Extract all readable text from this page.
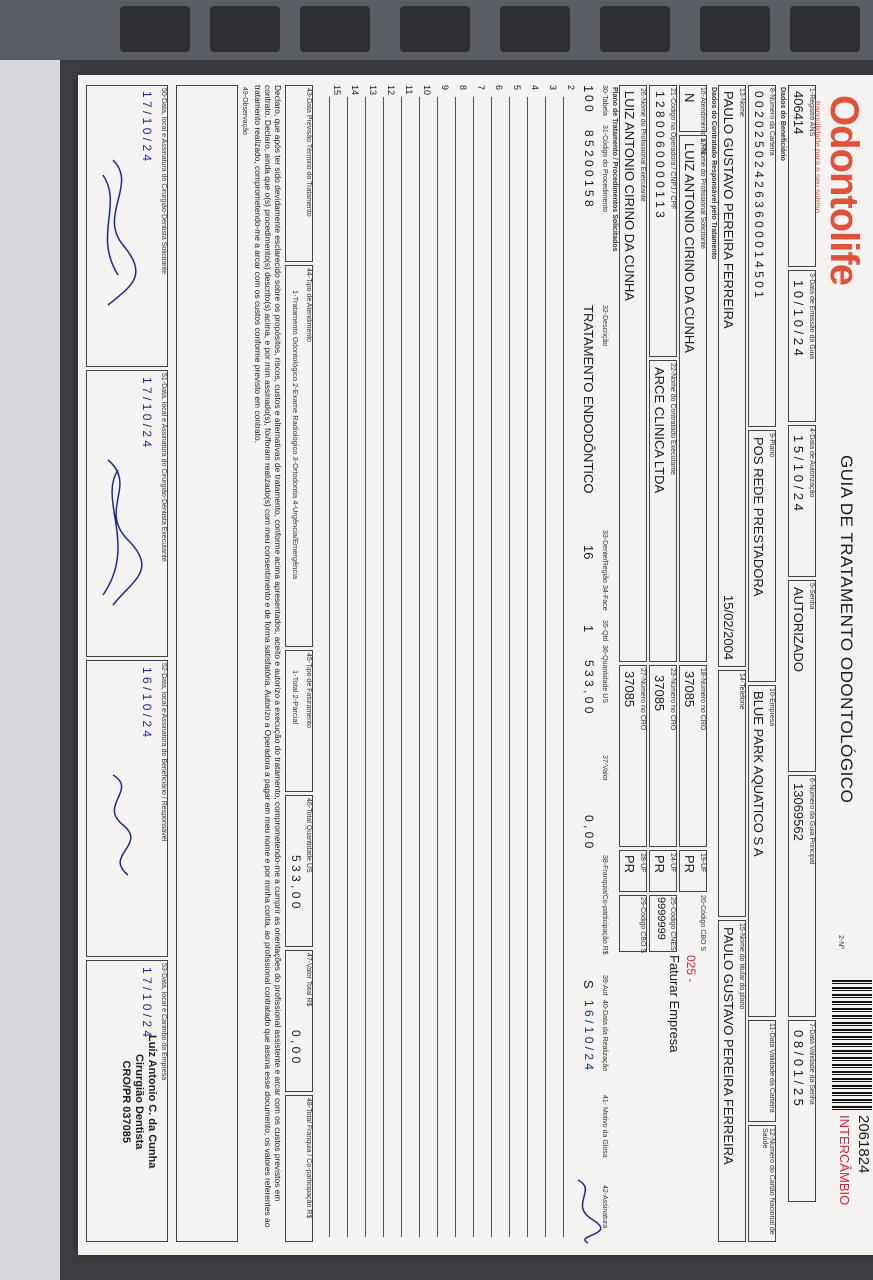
Odontolife
tranquilidade para o seu sorriso
GUIA DE TRATAMENTO ODONTOLÓGICO
2-Nº
2061824
INTERCÂMBIO
1-Registro ANS
406414
3-Data de Emissão da Guia
1 0 / 1 0 / 2 4
4-Data de Autorização
1 5 / 1 0 / 2 4
5-Senha
AUTORIZADO
6-Número da Guia Principal
13069562
7-Data Validade da Senha
0 8 / 0 1 / 2 5
Dados do Beneficiário
8-Número da Carteira
0 0 2 0 2 5 0 2 4 2 6 3 6 0 0 0 1 4 5 0 1
9-Plano
POS REDE PRESTADORA
10-Empresa
BLUE PARK AQUATICO S A
11-Data Validade da Carteira
12-Número do Cartão Nacional de Saúde
13-Nome
PAULO GUSTAVO PEREIRA FERREIRA
15/02/2004
14-Telefone
15-Nome do titular do plano
PAULO GUSTAVO PEREIRA FERREIRA
Dados do Contratado Responsável pelo Tratamento
16-Atendimento a RN
N
17-Nome do Profissional Solicitante
LUIZ ANTONIO CIRINO DA CUNHA
18-Número no CRO
37085
19-UF
PR
20-Código CBO S
025 -
Faturar Empresa
21-Código na Operadora / CNPJ / CPF
1 2 8 0 0 6 0 0 0 0 1 1 3
22-Nome do Contratado Executante
ARCE CLINICA LTDA
23-Número no CRO
37085
24-UF
PR
25-Código CNES
9999999
26-Nome do Profissional Executante
LUIZ ANTONIO CIRINO DA CUNHA
27-Número no CRO
37085
28-UF
PR
29-Código CBO S
Plano de Tratamento / Procedimentos Solicitados
30-Tabela
31-Código do Procedimento
32-Descrição
33-Dente/Região
34-Face
35-Qtd
36-Quantidade US
37-Valor
38-Franquia/Co-participação R$
39-Aut
40-Data da Realização
41- Motivo da Glosa
42-Assinatura
1
0 0
8 5 2 0 0 1 5 8
TRATAMENTO ENDODÔNTICO
16
1
5 3 3 , 0 0
0 , 0 0
S
1 6 / 1 0 / 2 4
2
3
4
5
6
7
8
9
10
11
12
13
14
15
43-Data Previsão Término do Tratamento
44-Tipo de Atendimento
1-Tratamento Odontológico 2-Exame Radiológico 3-Ortodontia 4-Urgência/Emergência
45-Tipo de Faturamento
1-Total 2-Parcial
46-Total Quantidade US
5 3 3 , 0 0
47-Valor Total R$
0 , 0 0
48-Total Franquia / Co-participação R$
Declaro, que após ter sido devidamente esclarecido sobre os propósitos, riscos, custos e alternativas de tratamento, conforme acima apresentados, aceito e autorizo a execução do tratamento, comprometendo-me a cumprir as orientações do profissional assistente e arcar com os custos previstos em contrato. Declaro, ainda que o(s) procedimento(s) descrito(s) acima, e por mim assinado(s), foi/foram realizado(s) com meu consentimento e de forma satisfatória. Autorizo a Operadora a pagar em meu nome e por minha conta, ao profissional contratado que assina esse documento, os valores referentes ao tratamento realizado, comprometendo-me a arcar com os custos conforme previsto em contrato.
49-Observação
50-Data, local e Assinatura do Cirurgião-Dentista Solicitante
1 7 / 1 0 / 2 4
51-Data, local e Assinatura do Cirurgião-Dentista Executante
1 7 / 1 0 / 2 4
52-Data, local e Assinatura do Beneficiário / Responsável
1 6 / 1 0 / 2 4
53-Data, local e Carimbo da Empresa
1 7 / 1 0 / 2 4
Luiz Antonio C. da Cunha
Cirurgião Dentista
CRO/PR 037085
